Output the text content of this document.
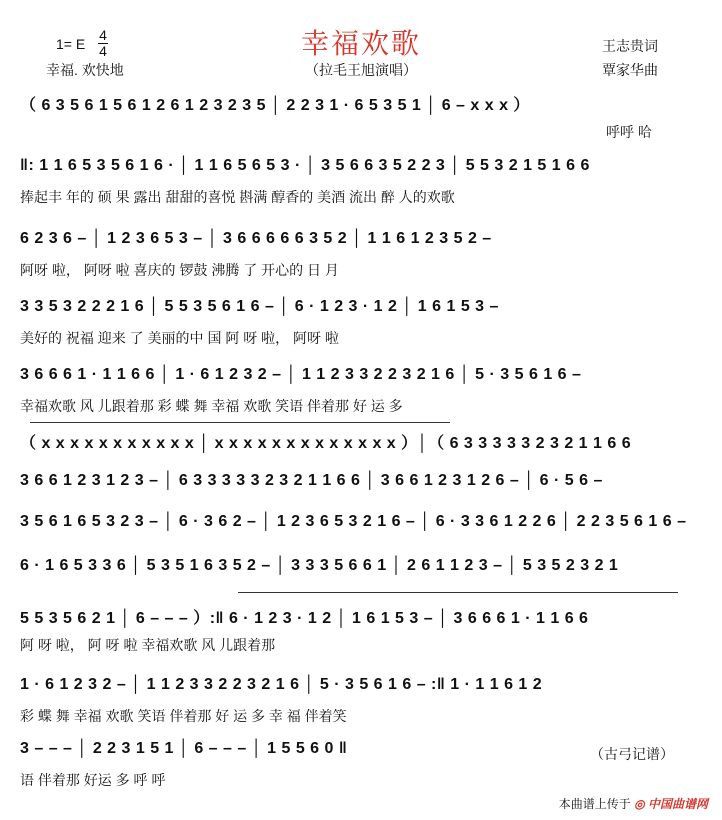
1= E
4
4
幸福. 欢快地
幸福欢歌
（拉毛王旭演唱）
王志贵词
覃家华曲
（ 6 3 5 6 1 5 6 1 2 6 1 2 3 2 3 5 │ 2 2 3 1 · 6 5 3 5 1 │ 6 – x x x ）
呼呼 哈
‖: 1 1 6 5 3 5 6 1 6 · │ 1 1 6 5 6 5 3 · │ 3 5 6 6 3 5 2 2 3 │ 5 5 3 2 1 5 1 6 6
捧起丰 年的 硕 果 露出 甜甜的喜悦 斟满 醇香的 美酒 流出 醉 人的欢歌
6 2 3 6 – │ 1 2 3 6 5 3 – │ 3 6 6 6 6 6 3 5 2 │ 1 1 6 1 2 3 5 2 –
阿呀 啦， 阿呀 啦 喜庆的 锣鼓 沸腾 了 开心的 日 月
3 3 5 3 2 2 2 1 6 │ 5 5 3 5 6 1 6 – │ 6 · 1 2 3 · 1 2 │ 1 6 1 5 3 –
美好的 祝福 迎来 了 美丽的中 国 阿 呀 啦， 阿呀 啦
3 6 6 6 1 · 1 1 6 6 │ 1 · 6 1 2 3 2 – │ 1 1 2 3 3 2 2 3 2 1 6 │ 5 · 3 5 6 1 6 –
幸福欢歌 风 儿跟着那 彩 蝶 舞 幸福 欢歌 笑语 伴着那 好 运 多
（ x x x x x x x x x x x │ x x x x x x x x x x x x x ）│（ 6 3 3 3 3 3 2 3 2 1 1 6 6
3 6 6 1 2 3 1 2 3 – │ 6 3 3 3 3 3 2 3 2 1 1 6 6 │ 3 6 6 1 2 3 1 2 6 – │ 6 · 5 6 –
3 5 6 1 6 5 3 2 3 – │ 6 · 3 6 2 – │ 1 2 3 6 5 3 2 1 6 – │ 6 · 3 3 6 1 2 2 6 │ 2 2 3 5 6 1 6 –
6 · 1 6 5 3 3 6 │ 5 3 5 1 6 3 5 2 – │ 3 3 3 5 6 6 1 │ 2 6 1 1 2 3 – │ 5 3 5 2 3 2 1
5 5 3 5 6 2 1 │ 6 – – – ）:‖ 6 · 1 2 3 · 1 2 │ 1 6 1 5 3 – │ 3 6 6 6 1 · 1 1 6 6
阿 呀 啦， 阿 呀 啦 幸福欢歌 风 儿跟着那
1 · 6 1 2 3 2 – │ 1 1 2 3 3 2 2 3 2 1 6 │ 5 · 3 5 6 1 6 – :‖ 1 · 1 1 6 1 2
彩 蝶 舞 幸福 欢歌 笑语 伴着那 好 运 多 幸 福 伴着笑
3 – – – │ 2 2 3 1 5 1 │ 6 – – – │ 1 5 5 6 0 ‖
语 伴着那 好运 多 呼 呼
（古弓记谱）
本曲谱上传于 ◎ 中国曲谱网
